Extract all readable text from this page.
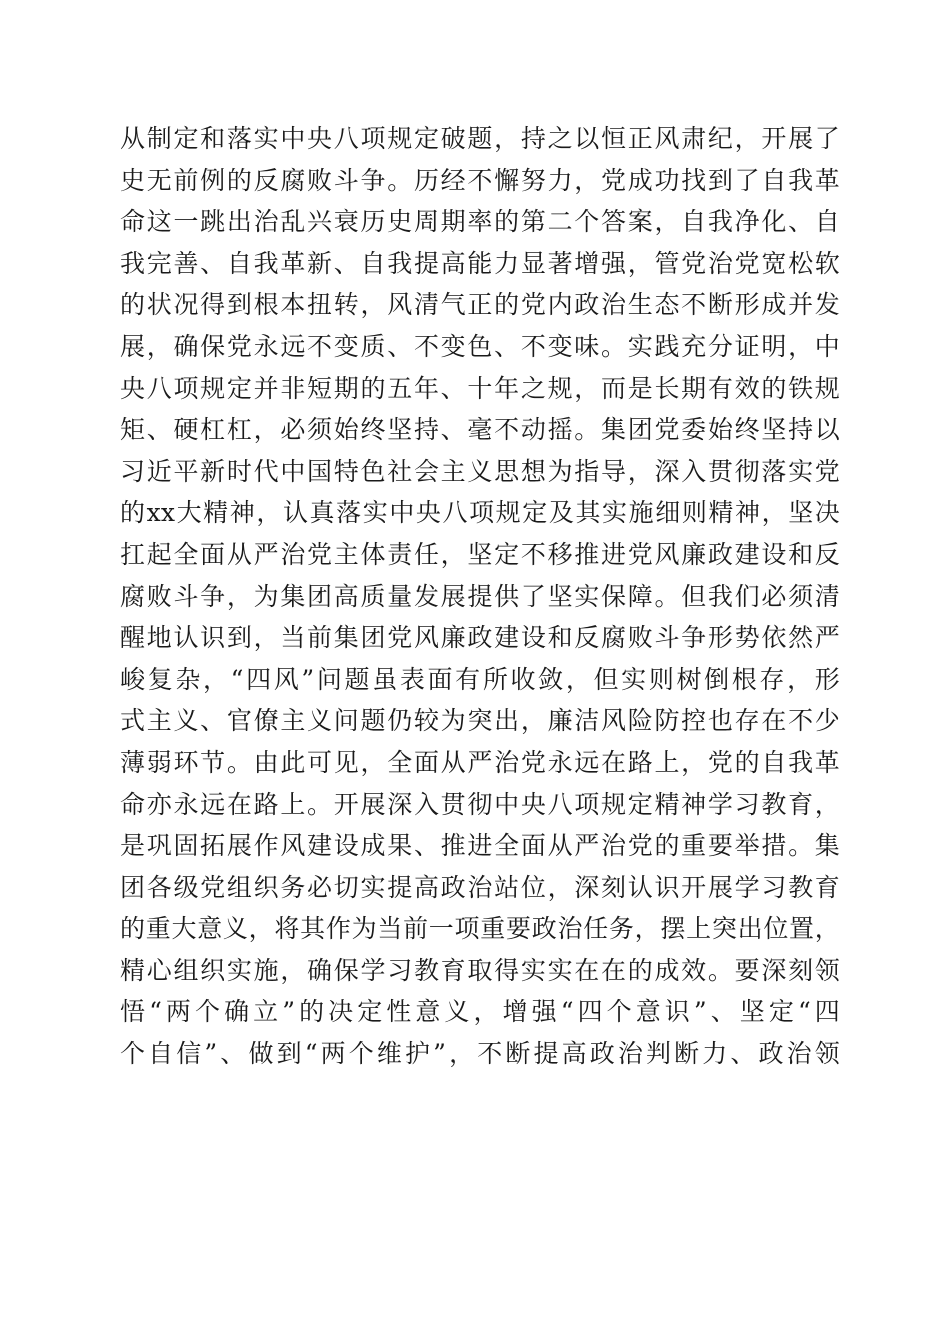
从制定和落实中央八项规定破题，持之以恒正风肃纪，开展了
史无前例的反腐败斗争。历经不懈努力，党成功找到了自我革
命这一跳出治乱兴衰历史周期率的第二个答案，自我净化、自
我完善、自我革新、自我提高能力显著增强，管党治党宽松软
的状况得到根本扭转，风清气正的党内政治生态不断形成并发
展，确保党永远不变质、不变色、不变味。实践充分证明，中
央八项规定并非短期的五年、十年之规，而是长期有效的铁规
矩、硬杠杠，必须始终坚持、毫不动摇。集团党委始终坚持以
习近平新时代中国特色社会主义思想为指导，深入贯彻落实党
的xx大精神，认真落实中央八项规定及其实施细则精神，坚决
扛起全面从严治党主体责任，坚定不移推进党风廉政建设和反
腐败斗争，为集团高质量发展提供了坚实保障。但我们必须清
醒地认识到，当前集团党风廉政建设和反腐败斗争形势依然严
峻复杂，“四风”问题虽表面有所收敛，但实则树倒根存，形
式主义、官僚主义问题仍较为突出，廉洁风险防控也存在不少
薄弱环节。由此可见，全面从严治党永远在路上，党的自我革
命亦永远在路上。开展深入贯彻中央八项规定精神学习教育，
是巩固拓展作风建设成果、推进全面从严治党的重要举措。集
团各级党组织务必切实提高政治站位，深刻认识开展学习教育
的重大意义，将其作为当前一项重要政治任务，摆上突出位置，
精心组织实施，确保学习教育取得实实在在的成效。要深刻领
悟“两个确立”的决定性意义，增强“四个意识”、坚定“四
个自信”、做到“两个维护”，不断提高政治判断力、政治领
